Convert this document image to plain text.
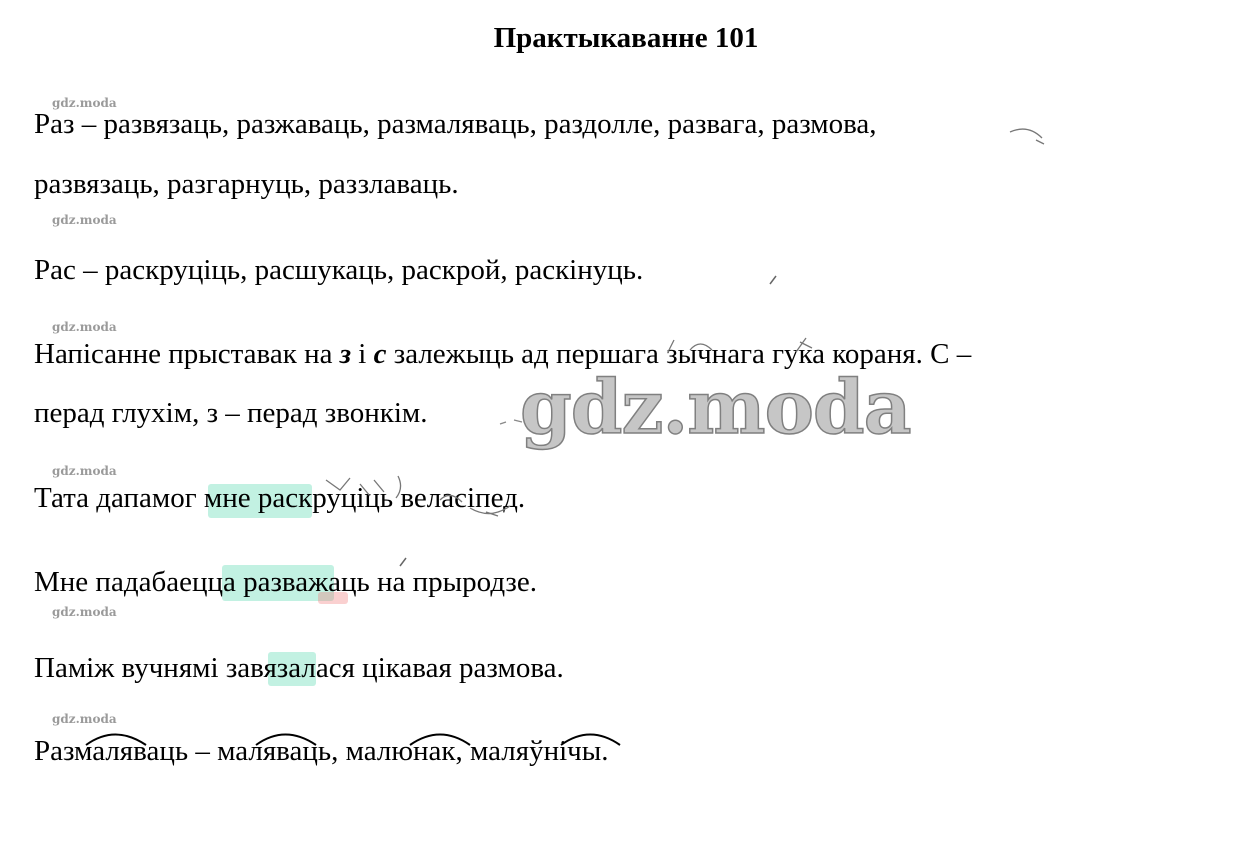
Практыкаванне 101
gdz.moda
gdz.moda
gdz.moda
gdz.moda
gdz.moda
gdz.moda
Раз – развязаць, разжаваць, размаляваць, раздолле, развага, размова,
развязаць, разгарнуць, раззлаваць.
Рас – раскруціць, расшукаць, раскрой, раскінуць.
Напісанне прыставак на з і с залежыць ад першага зычнага гука кораня. С –
перад глухім, з – перад звонкім.
Тата дапамог мне раскруціць веласіпед.
Мне падабаецца разважаць на прыродзе.
Паміж вучнямі завязалася цікавая размова.
Размаляваць – маляваць, малюнак, маляўнічы.
gdz.moda
